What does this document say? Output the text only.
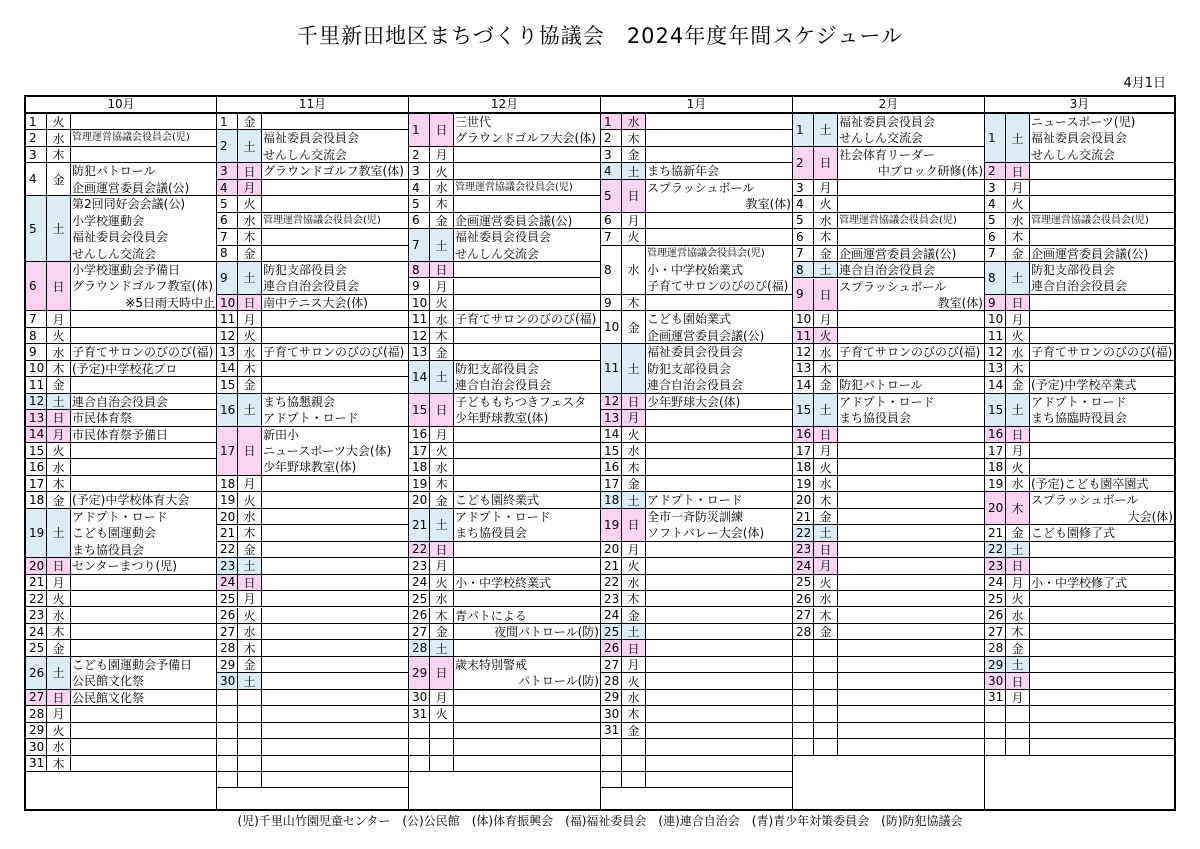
千里新田地区まちづくり協議会　2024年度年間スケジュール
4月1日
10月
1	火
2	水 管理運営協議会役員会(児)
3	木
4	金
防犯パトロール
企画運営委員会議(公)
5	土
第2回同好会会議(公)
小学校運動会
福祉委員会役員会
せんしん交流会
6	日
小学校運動会予備日
グラウンドゴルフ教室(体)
※5日雨天時中止
7	月
8	火
9	水 子育てサロンのびのび(福)
10 木 (予定)中学校花プロ
11 金
12 土 連合自治会役員会
13 日 市民体育祭
14 月 市民体育祭予備日
15 火
16 水
17 木
18 金 (予定)中学校体育大会
19 土
アドプト・ロード
こども園運動会
まち協役員会
20 日 センターまつり(児)
21 月
22 火
23 水
24 木
25 金
26 土
こども園運動会予備日
公民館文化祭
27 日 公民館文化祭
28 月
29 火
30 水
31 木
11月
1	金
2	土
福祉委員会役員会
せんしん交流会
3	日 グラウンドゴルフ教室(体)
4	月
5	火
6	水 管理運営協議会役員会(児)
7	木
8	金
9	土
防犯支部役員会
連合自治会役員会
10 日 南中テニス大会(体)
11 月
12 火
13 水 子育てサロンのびのび(福)
14 木
15 金
16 土
まち協懇親会
アドプト・ロード
17 日
新田小
ニュースポーツ大会(体)
少年野球教室(体)
18 月
19 火
20 水
21 木
22 金
23 土
24 日
25 月
26 火
27 水
28 木
29 金
30 土
12月
1	日
三世代
グラウンドゴルフ大会(体)
2	月
3	火
4	水 管理運営協議会役員会(児)
5	木
6	金 企画運営委員会議(公)
7	土
福祉委員会役員会
せんしん交流会
8	日
9	月
10 火
11 水 子育てサロンのびのび(福)
12 木
13 金
14 土
防犯支部役員会
連合自治会役員会
15 日
子どももちつきフェスタ
少年野球教室(体)
16 月
17 火
18 水
19 木
20 金 こども園終業式
21 土
アドプト・ロード
まち協役員会
22 日
23 月
24 火 小・中学校終業式
25 水
26 木 青パトによる
27 金	夜間パトロール(防)
28 土
29 日
歳末特別警戒
パトロール(防)
30 月
31 火
1月
1	水
2	木
3	金
4	土 まち協新年会
5	日
スプラッシュボール
教室(体)
6	月
7	火
8	水
管理運営協議会役員会(児)
小・中学校始業式
子育てサロンのびのび(福)
9	木
10 金
こども園始業式
企画運営委員会議(公)
11 土
福祉委員会役員会
防犯支部役員会
連合自治会役員会
12 日 少年野球大会(体)
13 月
14 火
15 水
16 木
17 金
18 土 アドプト・ロード
19 日
全市一斉防災訓練
ソフトバレー大会(体)
20 月
21 火
22 水
23 木
24 金
25 土
26 日
27 月
28 火
29 水
30 木
31 金
2月
1	土
福祉委員会役員会
せんしん交流会
2	日
社会体育リーダー
中ブロック研修(体)
3	月
4	火
5	水 管理運営協議会役員会(児)
6	木
7	金 企画運営委員会議(公)
8	土 連合自治会役員会
9	日
スプラッシュボール
教室(体)
10 月
11 火
12 水 子育てサロンのびのび(福)
13 木
14 金 防犯パトロール
15 土
アドプト・ロード
まち協役員会
16 日
17 月
18 火
19 水
20 木
21 金
22 土
23 日
24 月
25 火
26 水
27 木
28 金
3月
1	土
ニュースポーツ(児)
福祉委員会役員会
せんしん交流会
2	日
3	月
4	火
5	水 管理運営協議会役員会(児)
6	木
7	金 企画運営委員会議(公)
8	土
防犯支部役員会
連合自治会役員会
9	日
10 月
11 火
12 水 子育てサロンのびのび(福)
13 木
14 金 (予定)中学校卒業式
15 土
アドプト・ロード
まち協臨時役員会
16 日
17 月
18 火
19 水 (予定)こども園卒園式
20 木
スプラッシュボール
大会(体)
21 金 こども園修了式
22 土
23 日
24 月 小・中学校修了式
25 火
26 水
27 木
28 金
29 土
30 日
31 月
(児)千里山竹園児童センター　(公)公民館　(体)体育振興会　(福)福祉委員会　(連)連合自治会　(青)青少年対策委員会　(防)防犯協議会
